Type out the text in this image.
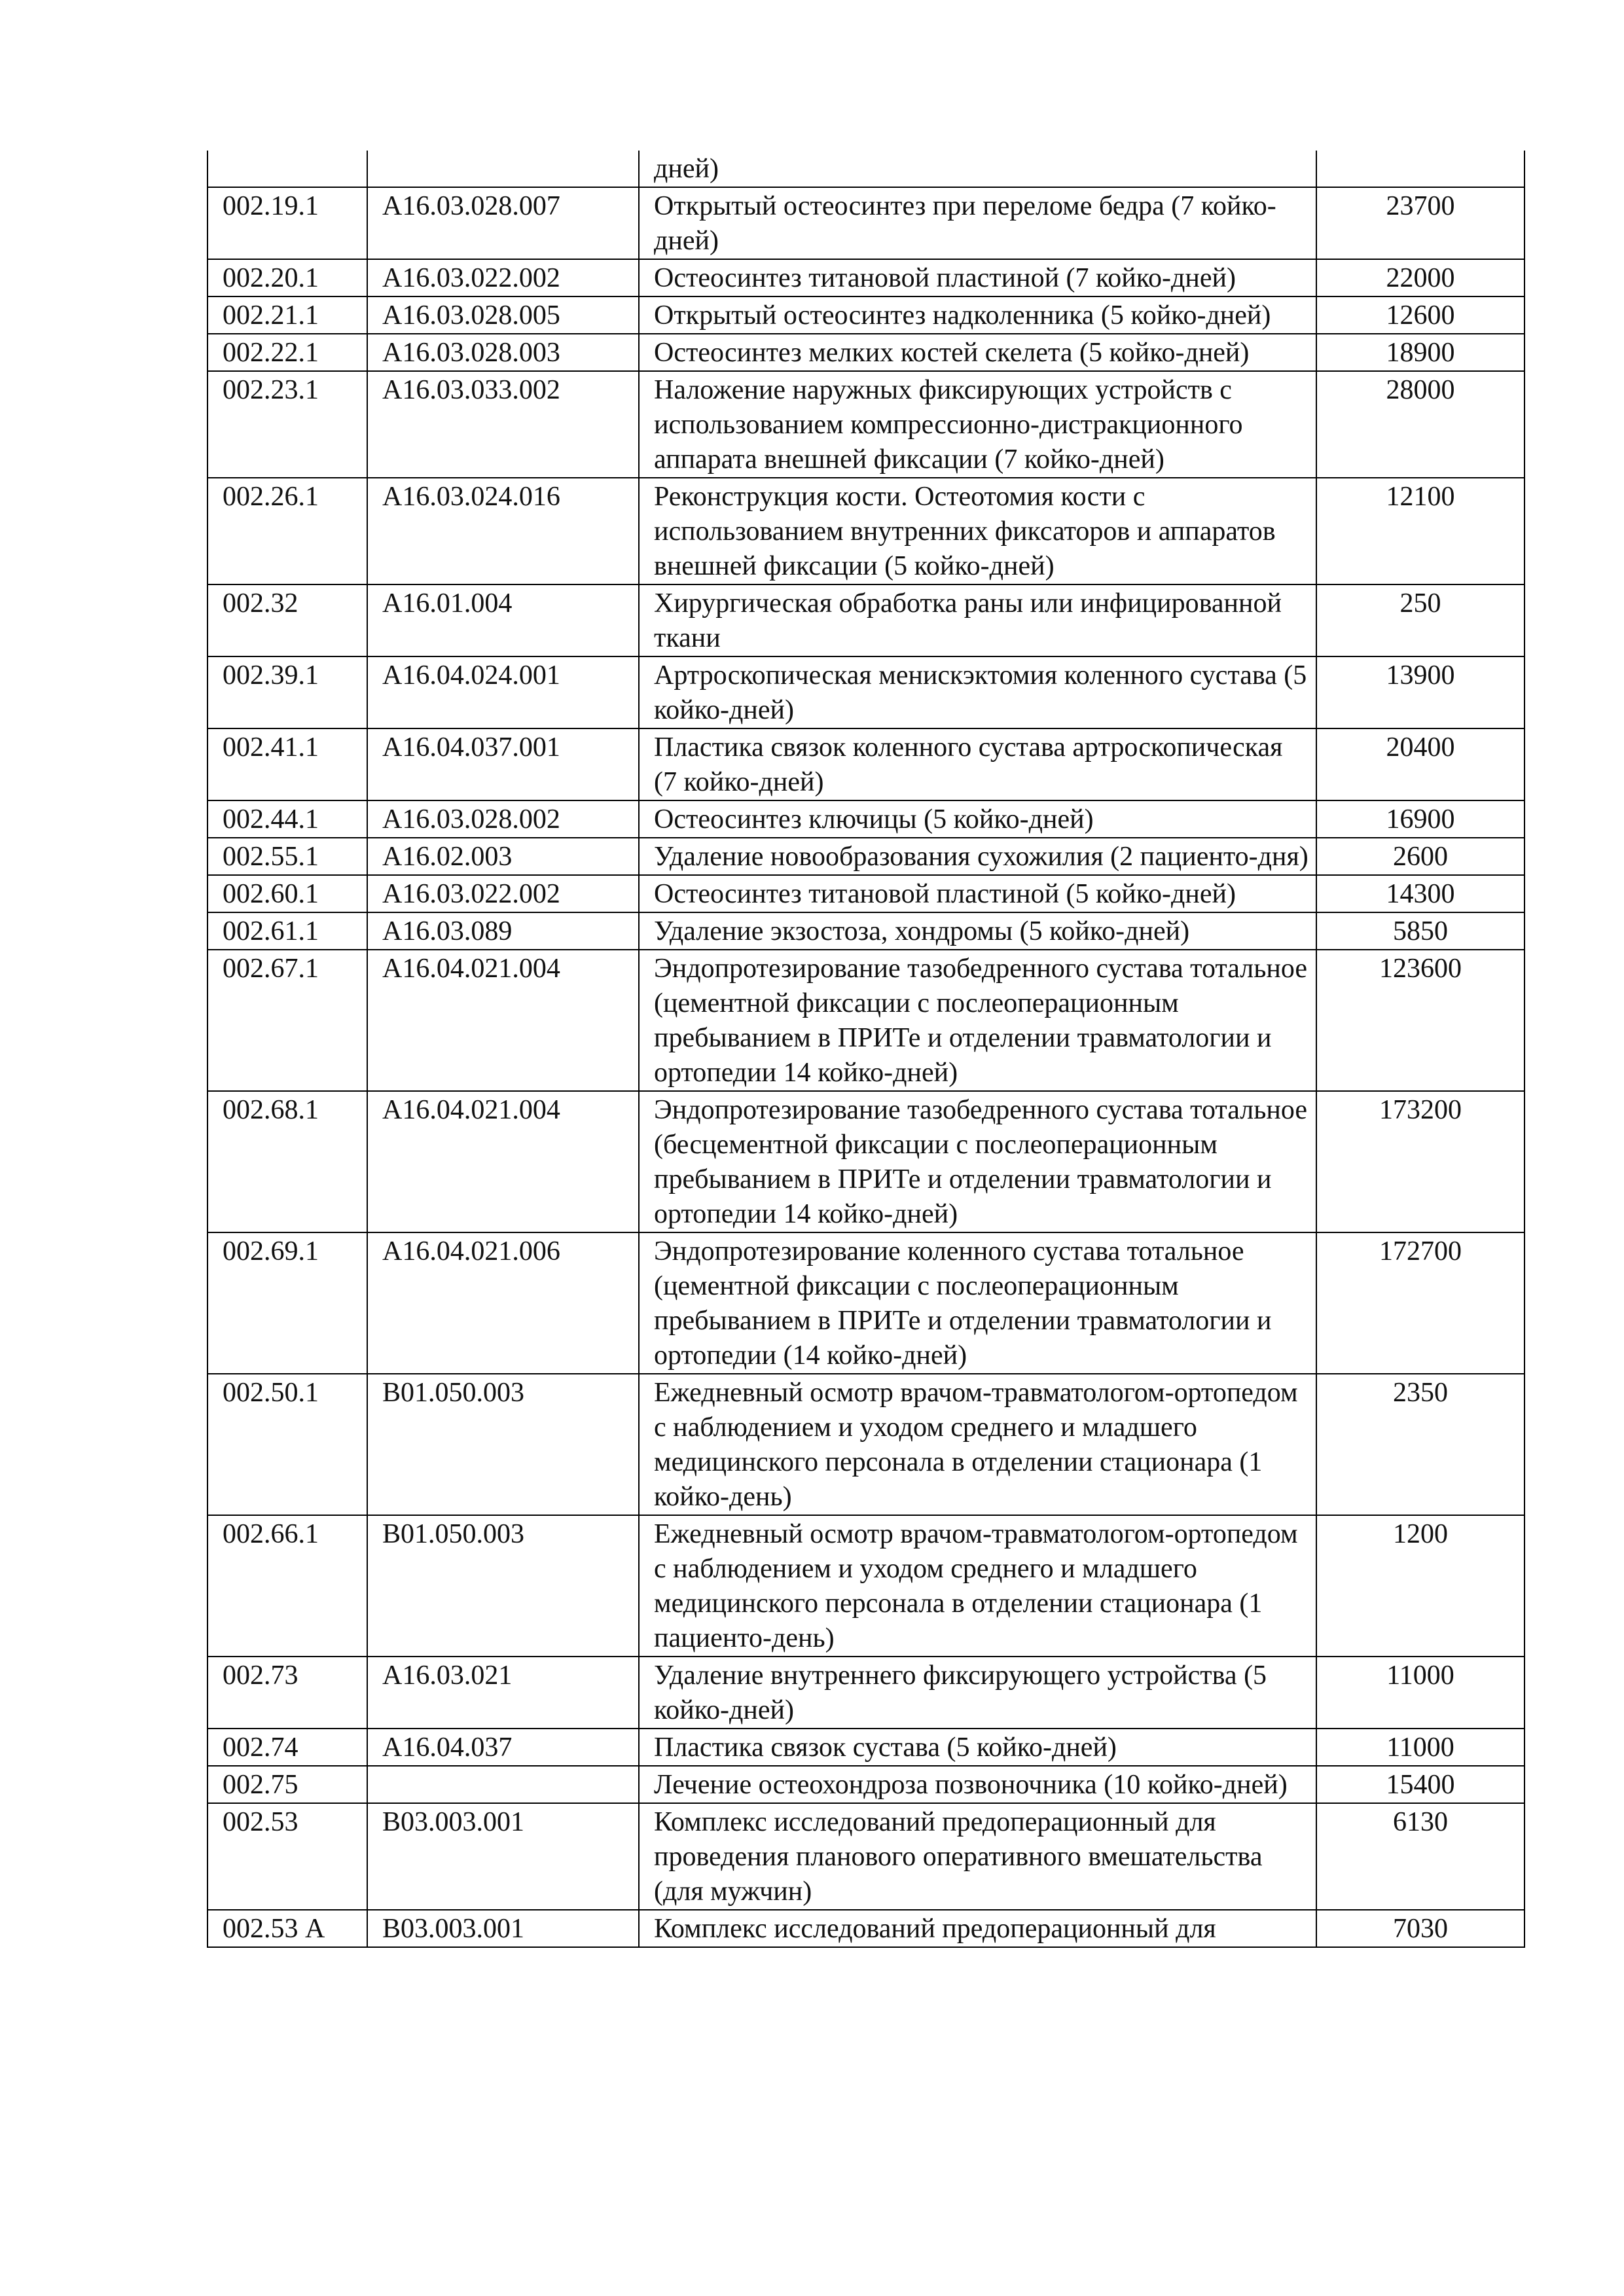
		дней)	
002.19.1	А16.03.028.007	Открытый остеосинтез при переломе бедра (7 койко-дней)	23700
002.20.1	А16.03.022.002	Остеосинтез титановой пластиной (7 койко-дней)	22000
002.21.1	А16.03.028.005	Открытый остеосинтез надколенника (5 койко-дней)	12600
002.22.1	А16.03.028.003	Остеосинтез мелких костей скелета (5 койко-дней)	18900
002.23.1	А16.03.033.002	Наложение наружных фиксирующих устройств с использованием компрессионно-дистракционного аппарата внешней фиксации (7 койко-дней)	28000
002.26.1	А16.03.024.016	Реконструкция кости. Остеотомия кости с использованием внутренних фиксаторов и аппаратов внешней фиксации (5 койко-дней)	12100
002.32	А16.01.004	Хирургическая обработка раны или инфицированной ткани	250
002.39.1	А16.04.024.001	Артроскопическая менискэктомия коленного сустава (5 койко-дней)	13900
002.41.1	А16.04.037.001	Пластика связок коленного сустава артроскопическая (7 койко-дней)	20400
002.44.1	А16.03.028.002	Остеосинтез ключицы (5 койко-дней)	16900
002.55.1	А16.02.003	Удаление новообразования сухожилия (2 пациенто-дня)	2600
002.60.1	А16.03.022.002	Остеосинтез титановой пластиной (5 койко-дней)	14300
002.61.1	А16.03.089	Удаление экзостоза, хондромы (5 койко-дней)	5850
002.67.1	А16.04.021.004	Эндопротезирование тазобедренного сустава тотальное (цементной фиксации с послеоперационным пребыванием в ПРИТе и отделении травматологии и ортопедии 14 койко-дней)	123600
002.68.1	А16.04.021.004	Эндопротезирование тазобедренного сустава тотальное (бесцементной фиксации с послеоперационным пребыванием в ПРИТе и отделении травматологии и ортопедии 14 койко-дней)	173200
002.69.1	А16.04.021.006	Эндопротезирование коленного сустава тотальное (цементной фиксации с послеоперационным пребыванием в ПРИТе и отделении травматологии и ортопедии (14 койко-дней)	172700
002.50.1	В01.050.003	Ежедневный осмотр врачом-травматологом-ортопедом с наблюдением и уходом среднего и младшего медицинского персонала в отделении стационара (1 койко-день)	2350
002.66.1	В01.050.003	Ежедневный осмотр врачом-травматологом-ортопедом с наблюдением и уходом среднего и младшего медицинского персонала в отделении стационара (1 пациенто-день)	1200
002.73	А16.03.021	Удаление внутреннего фиксирующего устройства (5 койко-дней)	11000
002.74	А16.04.037	Пластика связок сустава (5 койко-дней)	11000
002.75		Лечение остеохондроза позвоночника (10 койко-дней)	15400
002.53	В03.003.001	Комплекс исследований предоперационный для проведения планового оперативного вмешательства (для мужчин)	6130
002.53 А	В03.003.001	Комплекс исследований предоперационный для	7030
